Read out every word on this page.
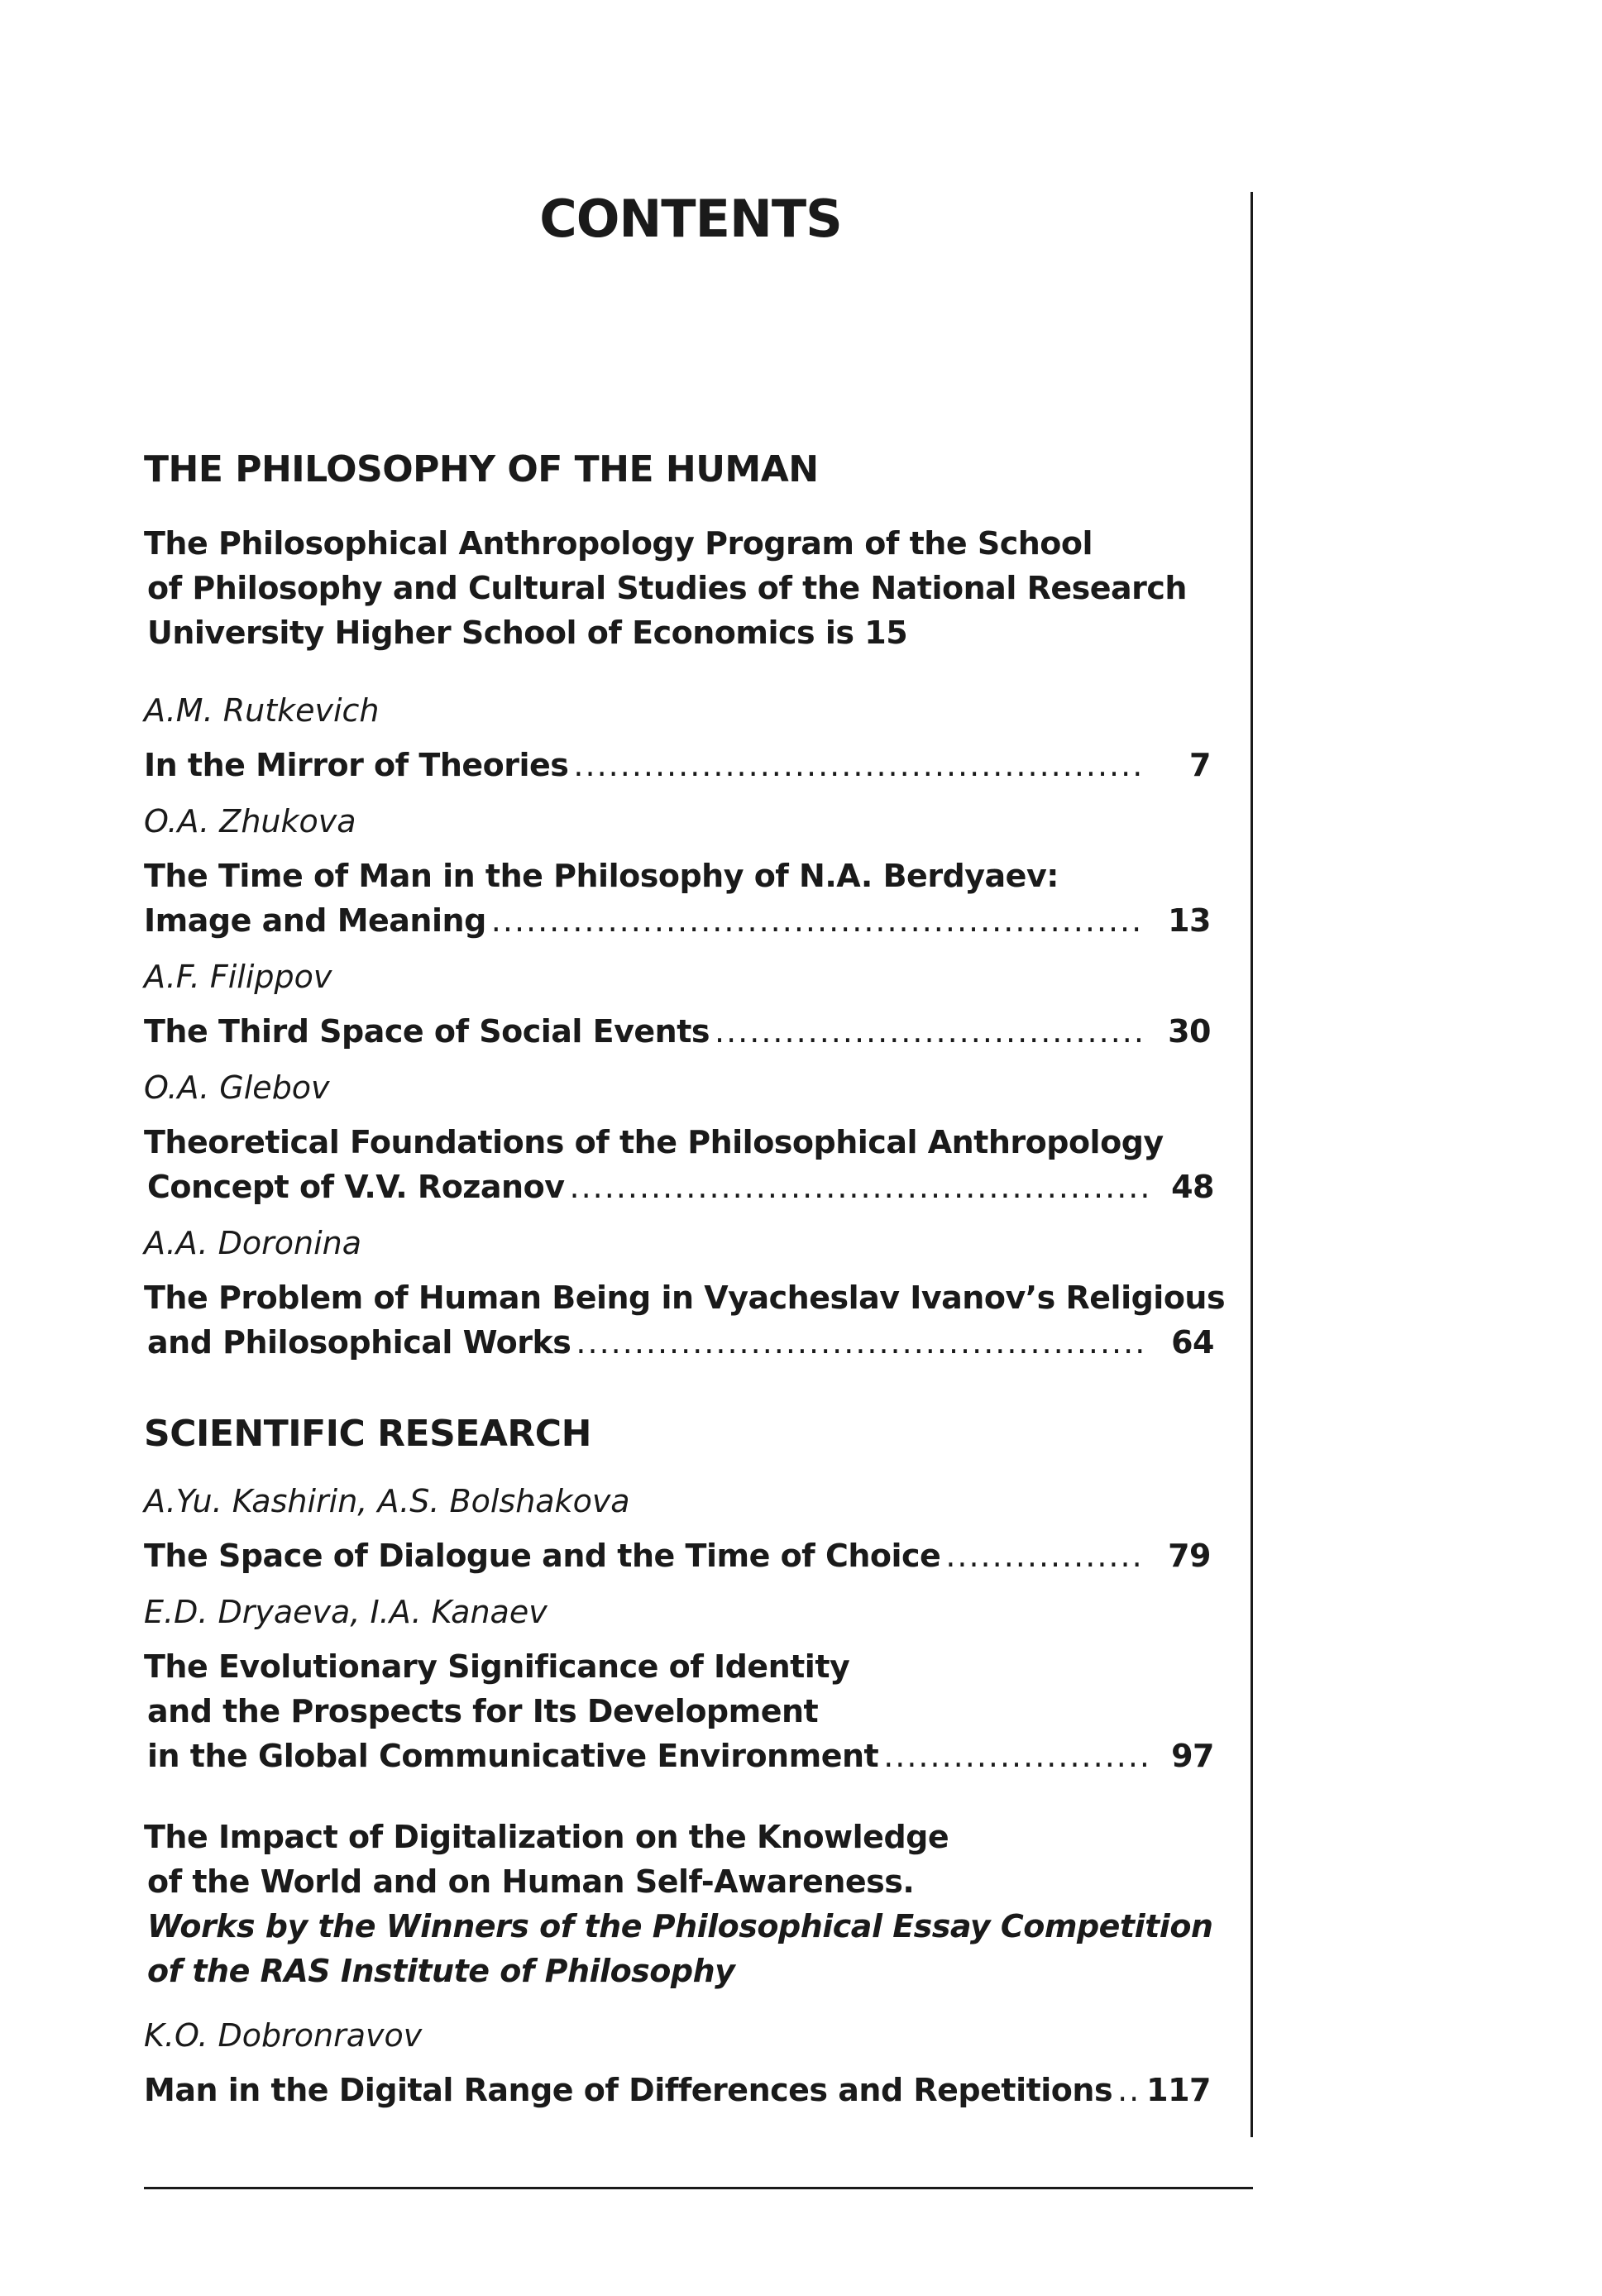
CONTENTS
THE PHILOSOPHY OF THE HUMAN
The Philosophical Anthropology Program of the School
of Philosophy and Cultural Studies of the National Research
University Higher School of Economics is 15
A.M. Rutkevich
In the Mirror of Theories .....	7
O.A. Zhukova
The Time of Man in the Philosophy of N.A. Berdyaev:
Image and Meaning .....	13
A.F. Filippov
The Third Space of Social Events .....	30
O.A. Glebov
Theoretical Foundations of the Philosophical Anthropology
Concept of V.V. Rozanov .....	48
A.A. Doronina
The Problem of Human Being in Vyacheslav Ivanov’s Religious
and Philosophical Works .....	64
SCIENTIFIC RESEARCH
A.Yu. Kashirin, A.S. Bolshakova
The Space of Dialogue and the Time of Choice .....	79
E.D. Dryaeva, I.A. Kanaev
The Evolutionary Significance of Identity
and the Prospects for Its Development
in the Global Communicative Environment .....	97
The Impact of Digitalization on the Knowledge
of the World and on Human Self-Awareness.
Works by the Winners of the Philosophical Essay Competition
of the RAS Institute of Philosophy
K.O. Dobronravov
Man in the Digital Range of Differences and Repetitions ..... 117
